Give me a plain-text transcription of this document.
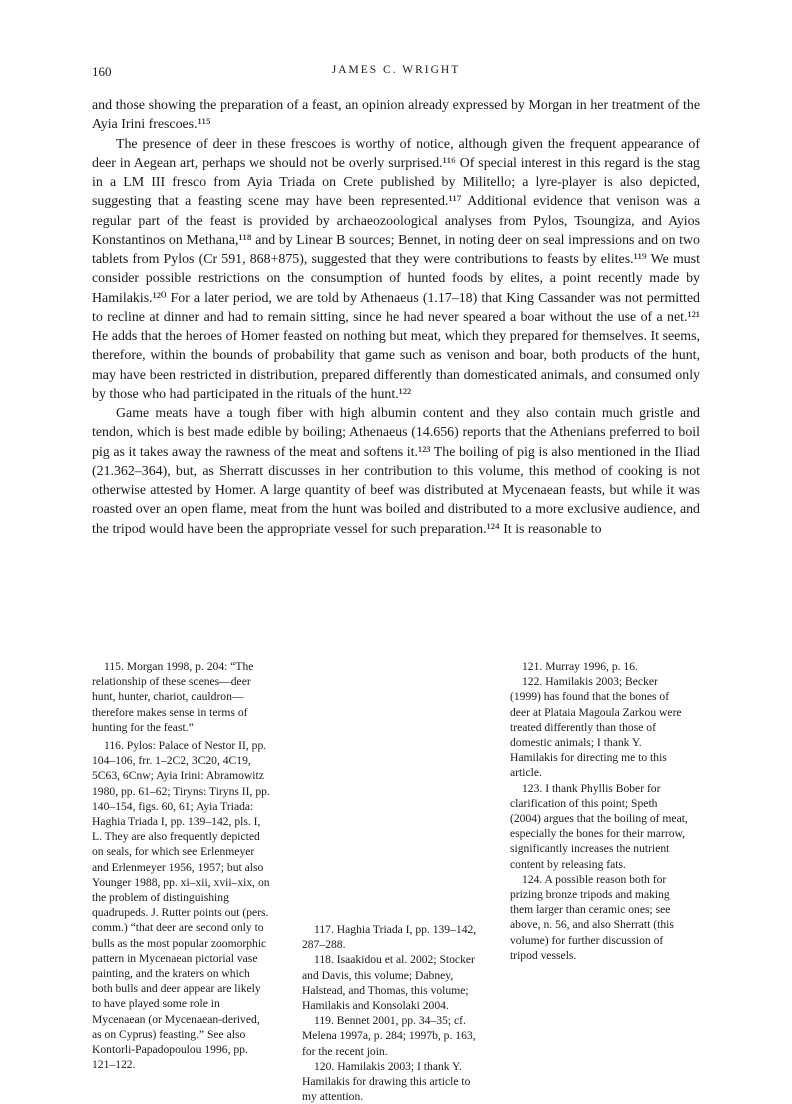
160	JAMES C. WRIGHT

and those showing the preparation of a feast, an opinion already expressed by Morgan in her treatment of the Ayia Irini frescoes.¹¹⁵

The presence of deer in these frescoes is worthy of notice, although given the frequent appearance of deer in Aegean art, perhaps we should not be overly surprised.¹¹⁶ Of special interest in this regard is the stag in a LM III fresco from Ayia Triada on Crete published by Militello; a lyre-player is also depicted, suggesting that a feasting scene may have been represented.¹¹⁷ Additional evidence that venison was a regular part of the feast is provided by archaeozoological analyses from Pylos, Tsoungiza, and Ayios Konstantinos on Methana,¹¹⁸ and by Linear B sources; Bennet, in noting deer on seal impressions and on two tablets from Pylos (Cr 591, 868+875), suggested that they were contributions to feasts by elites.¹¹⁹ We must consider possible restrictions on the consumption of hunted foods by elites, a point recently made by Hamilakis.¹²⁰ For a later period, we are told by Athenaeus (1.17–18) that King Cassander was not permitted to recline at dinner and had to remain sitting, since he had never speared a boar without the use of a net.¹²¹ He adds that the heroes of Homer feasted on nothing but meat, which they prepared for themselves. It seems, therefore, within the bounds of probability that game such as venison and boar, both products of the hunt, may have been restricted in distribution, prepared differently than domesticated animals, and consumed only by those who had participated in the rituals of the hunt.¹²²

Game meats have a tough fiber with high albumin content and they also contain much gristle and tendon, which is best made edible by boiling; Athenaeus (14.656) reports that the Athenians preferred to boil pig as it takes away the rawness of the meat and softens it.¹²³ The boiling of pig is also mentioned in the Iliad (21.362–364), but, as Sherratt discusses in her contribution to this volume, this method of cooking is not otherwise attested by Homer. A large quantity of beef was distributed at Mycenaean feasts, but while it was roasted over an open flame, meat from the hunt was boiled and distributed to a more exclusive audience, and the tripod would have been the appropriate vessel for such preparation.¹²⁴ It is reasonable to

115. Morgan 1998, p. 204: “The relationship of these scenes—deer hunt, hunter, chariot, cauldron—therefore makes sense in terms of hunting for the feast.”

116. Pylos: Palace of Nestor II, pp. 104–106, frr. 1–2C2, 3C20, 4C19, 5C63, 6Cnw; Ayia Irini: Abramowitz 1980, pp. 61–62; Tiryns: Tiryns II, pp. 140–154, figs. 60, 61; Ayia Triada: Haghia Triada I, pp. 139–142, pls. I, L. They are also frequently depicted on seals, for which see Erlenmeyer and Erlenmeyer 1956, 1957; but also Younger 1988, pp. xi–xii, xvii–xix, on the problem of distinguishing quadrupeds. J. Rutter points out (pers. comm.) “that deer are second only to bulls as the most popular zoomorphic pattern in Mycenaean pictorial vase painting, and the kraters on which both bulls and deer appear are likely to have played some role in Mycenaean (or Mycenaean-derived, as on Cyprus) feasting.” See also Kontorli-Papadopoulou 1996, pp. 121–122.

117. Haghia Triada I, pp. 139–142, 287–288.

118. Isaakidou et al. 2002; Stocker and Davis, this volume; Dabney, Halstead, and Thomas, this volume; Hamilakis and Konsolaki 2004.

119. Bennet 2001, pp. 34–35; cf. Melena 1997a, p. 284; 1997b, p. 163, for the recent join.

120. Hamilakis 2003; I thank Y. Hamilakis for drawing this article to my attention.

121. Murray 1996, p. 16.

122. Hamilakis 2003; Becker (1999) has found that the bones of deer at Plataia Magoula Zarkou were treated differently than those of domestic animals; I thank Y. Hamilakis for directing me to this article.

123. I thank Phyllis Bober for clarification of this point; Speth (2004) argues that the boiling of meat, especially the bones for their marrow, significantly increases the nutrient content by releasing fats.

124. A possible reason both for prizing bronze tripods and making them larger than ceramic ones; see above, n. 56, and also Sherratt (this volume) for further discussion of tripod vessels.
